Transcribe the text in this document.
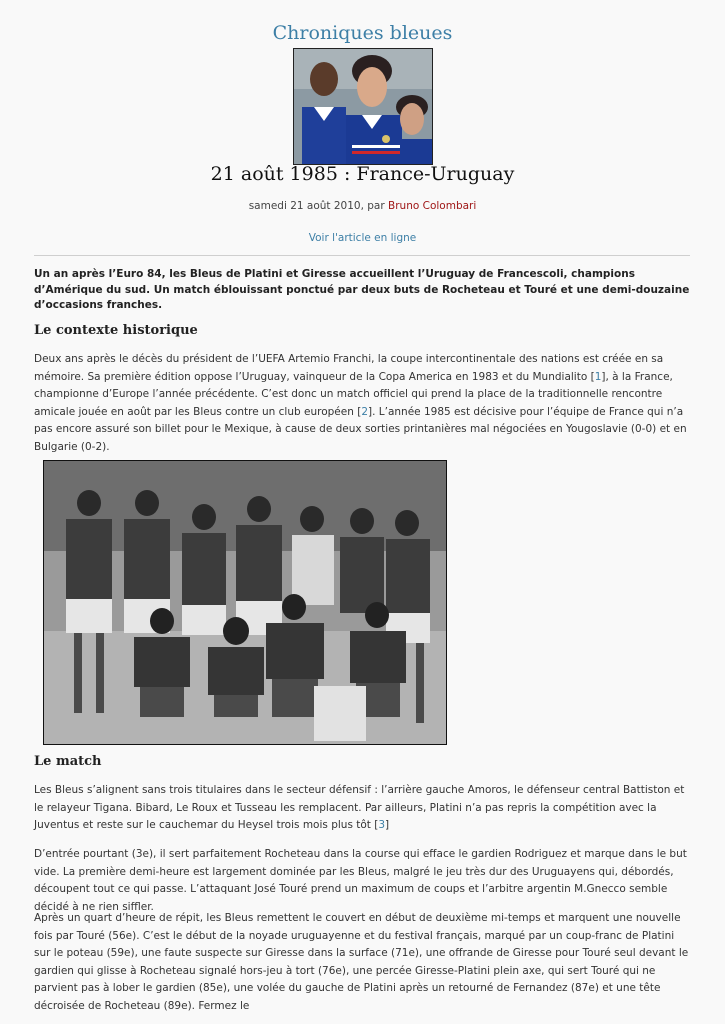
Chroniques bleues
21 août 1985 : France-Uruguay
samedi 21 août 2010, par Bruno Colombari
Voir l'article en ligne
Un an après l’Euro 84, les Bleus de Platini et Giresse accueillent l’Uruguay de Francescoli, champions d’Amérique du sud. Un match éblouissant ponctué par deux buts de Rocheteau et Touré et une demi-douzaine d’occasions franches.
Le contexte historique

Deux ans après le décès du président de l’UEFA Artemio Franchi, la coupe intercontinentale des nations est créée en sa mémoire. Sa première édition oppose l’Uruguay, vainqueur de la Copa America en 1983 et du Mundialito [1], à la France, championne d’Europe l’année précédente. C’est donc un match officiel qui prend la place de la traditionnelle rencontre amicale jouée en août par les Bleus contre un club européen [2]. L’année 1985 est décisive pour l’équipe de France qui n’a pas encore assuré son billet pour le Mexique, à cause de deux sorties printanières mal négociées en Yougoslavie (0-0) et en Bulgarie (0-2).

Le match

Les Bleus s’alignent sans trois titulaires dans le secteur défensif : l’arrière gauche Amoros, le défenseur central Battiston et le relayeur Tigana. Bibard, Le Roux et Tusseau les remplacent. Par ailleurs, Platini n’a pas repris la compétition avec la Juventus et reste sur le cauchemar du Heysel trois mois plus tôt [3]

D’entrée pourtant (3e), il sert parfaitement Rocheteau dans la course qui efface le gardien Rodriguez et marque dans le but vide. La première demi-heure est largement dominée par les Bleus, malgré le jeu très dur des Uruguayens qui, débordés, découpent tout ce qui passe. L’attaquant José Touré prend un maximum de coups et l’arbitre argentin M.Gnecco semble décidé à ne rien siffler.

Après un quart d’heure de répit, les Bleus remettent le couvert en début de deuxième mi-temps et marquent une nouvelle fois par Touré (56e). C’est le début de la noyade uruguayenne et du festival français, marqué par un coup-franc de Platini sur le poteau (59e), une faute suspecte sur Giresse dans la surface (71e), une offrande de Giresse pour Touré seul devant le gardien qui glisse à Rocheteau signalé hors-jeu à tort (76e), une percée Giresse-Platini plein axe, qui sert Touré qui ne parvient pas à lober le gardien (85e), une volée du gauche de Platini après un retourné de Fernandez (87e) et une tête décroisée de Rocheteau (89e). Fermez le
